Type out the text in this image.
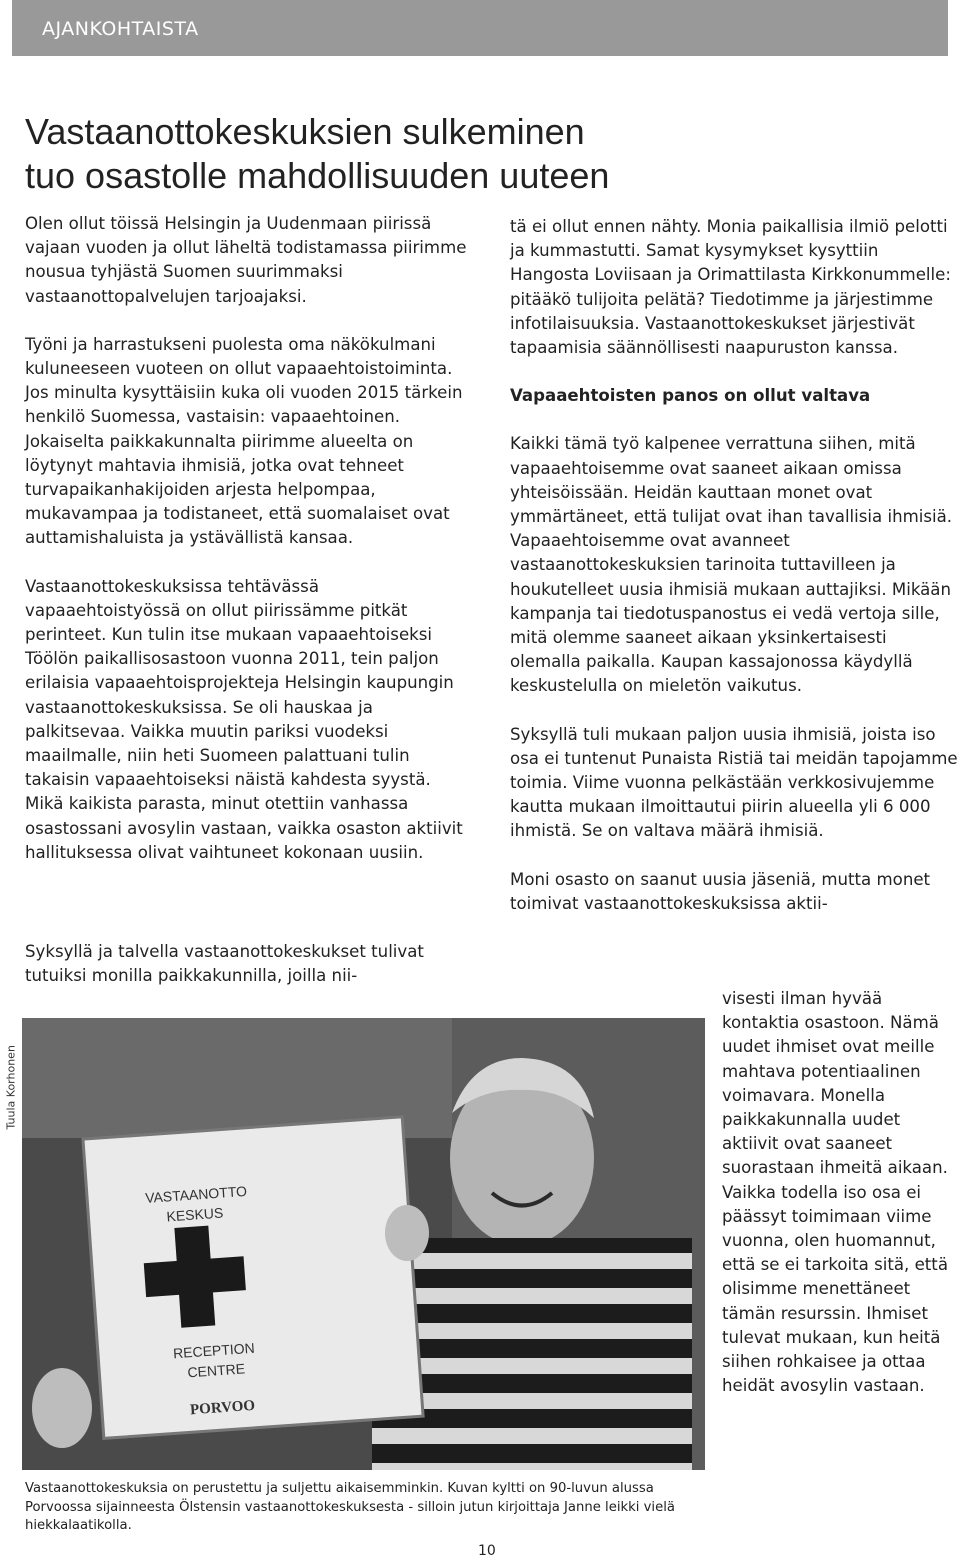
AJANKOHTAISTA
Vastaanottokeskuksien sulkeminen
tuo osastolle mahdollisuuden uuteen

Olen ollut töissä Helsingin ja Uudenmaan piirissä vajaan vuoden ja ollut läheltä todistamassa piirimme nousua tyhjästä Suomen suurimmaksi vastaanottopalvelujen tarjoajaksi.

Työni ja harrastukseni puolesta oma näkökulmani kuluneeseen vuoteen on ollut vapaaehtoistoiminta. Jos minulta kysyttäisiin kuka oli vuoden 2015 tärkein henkilö Suomessa, vastaisin: vapaaehtoinen. Jokaiselta paikkakunnalta piirimme alueelta on löytynyt mahtavia ihmisiä, jotka ovat tehneet turvapaikanhakijoiden arjesta helpompaa, mukavampaa ja todistaneet, että suomalaiset ovat auttamishaluista ja ystävällistä kansaa.

Vastaanottokeskuksissa tehtävässä vapaaehtoistyössä on ollut piirissämme pitkät perinteet. Kun tulin itse mukaan vapaaehtoiseksi Töölön paikallisosastoon vuonna 2011, tein paljon erilaisia vapaaehtoisprojekteja Helsingin kaupungin vastaanottokeskuksissa. Se oli hauskaa ja palkitsevaa. Vaikka muutin pariksi vuodeksi maailmalle, niin heti Suomeen palattuani tulin takaisin vapaaehtoiseksi näistä kahdesta syystä. Mikä kaikista parasta, minut otettiin vanhassa osastossani avosylin vastaan, vaikka osaston aktiivit hallituksessa olivat vaihtuneet kokonaan uusiin.

Syksyllä ja talvella vastaanottokeskukset tulivat tutuiksi monilla paikkakunnilla, joilla nii-

tä ei ollut ennen nähty. Monia paikallisia ilmiö pelotti ja kummastutti. Samat kysymykset kysyttiin Hangosta Loviisaan ja Orimattilasta Kirkkonummelle: pitääkö tulijoita pelätä? Tiedotimme ja järjestimme infotilaisuuksia. Vastaanottokeskukset järjestivät tapaamisia säännöllisesti naapuruston kanssa.

Vapaaehtoisten panos on ollut valtava

Kaikki tämä työ kalpenee verrattuna siihen, mitä vapaaehtoisemme ovat saaneet aikaan omissa yhteisöissään. Heidän kauttaan monet ovat ymmärtäneet, että tulijat ovat ihan tavallisia ihmisiä. Vapaaehtoisemme ovat avanneet vastaanottokeskuksien tarinoita tuttavilleen ja houkutelleet uusia ihmisiä mukaan auttajiksi. Mikään kampanja tai tiedotuspanostus ei vedä vertoja sille, mitä olemme saaneet aikaan yksinkertaisesti olemalla paikalla. Kaupan kassajonossa käydyllä keskustelulla on mieletön vaikutus.

Syksyllä tuli mukaan paljon uusia ihmisiä, joista iso osa ei tuntenut Punaista Ristiä tai meidän tapojamme toimia. Viime vuonna pelkästään verkkosivujemme kautta mukaan ilmoittautui piirin alueella yli 6 000 ihmistä. Se on valtava määrä ihmisiä.

Moni osasto on saanut uusia jäseniä, mutta monet toimivat vastaanottokeskuksissa aktii-

visesti ilman hyvää kontaktia osastoon. Nämä uudet ihmiset ovat meille mahtava potentiaalinen voimavara. Monella paikkakunnalla uudet aktiivit ovat saaneet suorastaan ihmeitä aikaan. Vaikka todella iso osa ei päässyt toimimaan viime vuonna, olen huomannut, että se ei tarkoita sitä, että olisimme menettäneet tämän resurssin. Ihmiset tulevat mukaan, kun heitä siihen rohkaisee ja ottaa heidät avosylin vastaan.
Tuula Korhonen
VASTAANOTTO
KESKUS
RECEPTION
CENTRE
PORVOO
Vastaanottokeskuksia on perustettu ja suljettu aikaisemminkin. Kuvan kyltti on 90-luvun alussa Porvoossa sijainneesta Ölstensin vastaanottokeskuksesta - silloin jutun kirjoittaja Janne leikki vielä hiekkalaatikolla.
10
